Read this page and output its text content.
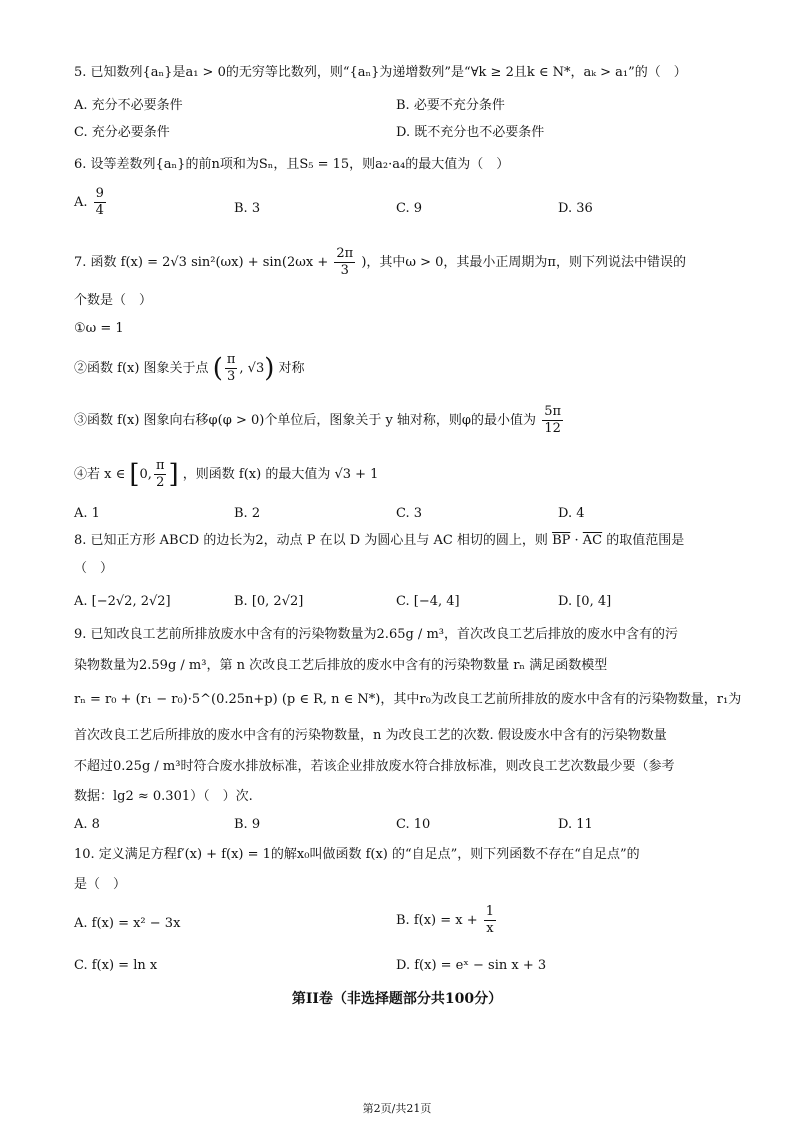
5. 已知数列{aₙ}是a₁ > 0的无穷等比数列，则“{aₙ}为递增数列”是“∀k ≥ 2且k ∈ N*，aₖ > a₁”的（　）
A. 充分不必要条件	B. 必要不充分条件
C. 充分必要条件	D. 既不充分也不必要条件
6. 设等差数列{aₙ}的前n项和为Sₙ，且S₅ = 15，则a₂·a₄的最大值为（　）
A. $\frac{9}{4}$	B. 3	C. 9	D. 36
7. 函数 f(x) = 2√3 $\sin^2(\omega x) + \sin(2\omega x + \frac{2\pi}{3}$ )，其中ω > 0，其最小正周期为π，则下列说法中错误的
个数是（　）
①ω = 1
②函数 f(x) 图象关于点 ( $\frac{\pi}{3}$ , √3) 对称
③函数 f(x) 图象向右移φ(φ > 0)个单位后，图象关于 y 轴对称，则φ的最小值为 $\frac{5\pi}{12}$
④若 x ∈ [0, $\frac{\pi}{2}$ ] ，则函数 f(x) 的最大值为 √3 + 1
A. 1	B. 2	C. 3	D. 4
8. 已知正方形 ABCD 的边长为2，动点 P 在以 D 为圆心且与 AC 相切的圆上，则 $\overline{BP} \cdot \overline{AC}$ 的取值范围是
（　）
A. [−2√2, 2√2]	B. [0, 2√2]	C. [−4, 4]	D. [0, 4]
9. 已知改良工艺前所排放废水中含有的污染物数量为2.65g / m³，首次改良工艺后排放的废水中含有的污
染物数量为2.59g / m³，第 n 次改良工艺后排放的废水中含有的污染物数量 rₙ 满足函数模型
rₙ = r₀ + (r₁ − r₀)·5^(0.25n+p) (p ∈ R, n ∈ N*)，其中r₀为改良工艺前所排放的废水中含有的污染物数量，r₁为
首次改良工艺后所排放的废水中含有的污染物数量，n 为改良工艺的次数. 假设废水中含有的污染物数量
不超过0.25g / m³时符合废水排放标准，若该企业排放废水符合排放标准，则改良工艺次数最少要（参考
数据：lg2 ≈ 0.301）（　）次.
A. 8	B. 9	C. 10	D. 11
10. 定义满足方程f′(x) + f(x) = 1的解x₀叫做函数 f(x) 的“自足点”，则下列函数不存在“自足点”的
是（　）
A. f(x) = x² − 3x	B. $f(x) = x + \frac{1}{x}$
C. f(x) = ln x	D. f(x) = eˣ − sin x + 3
第II卷（非选择题部分共100分）
第2页/共21页
